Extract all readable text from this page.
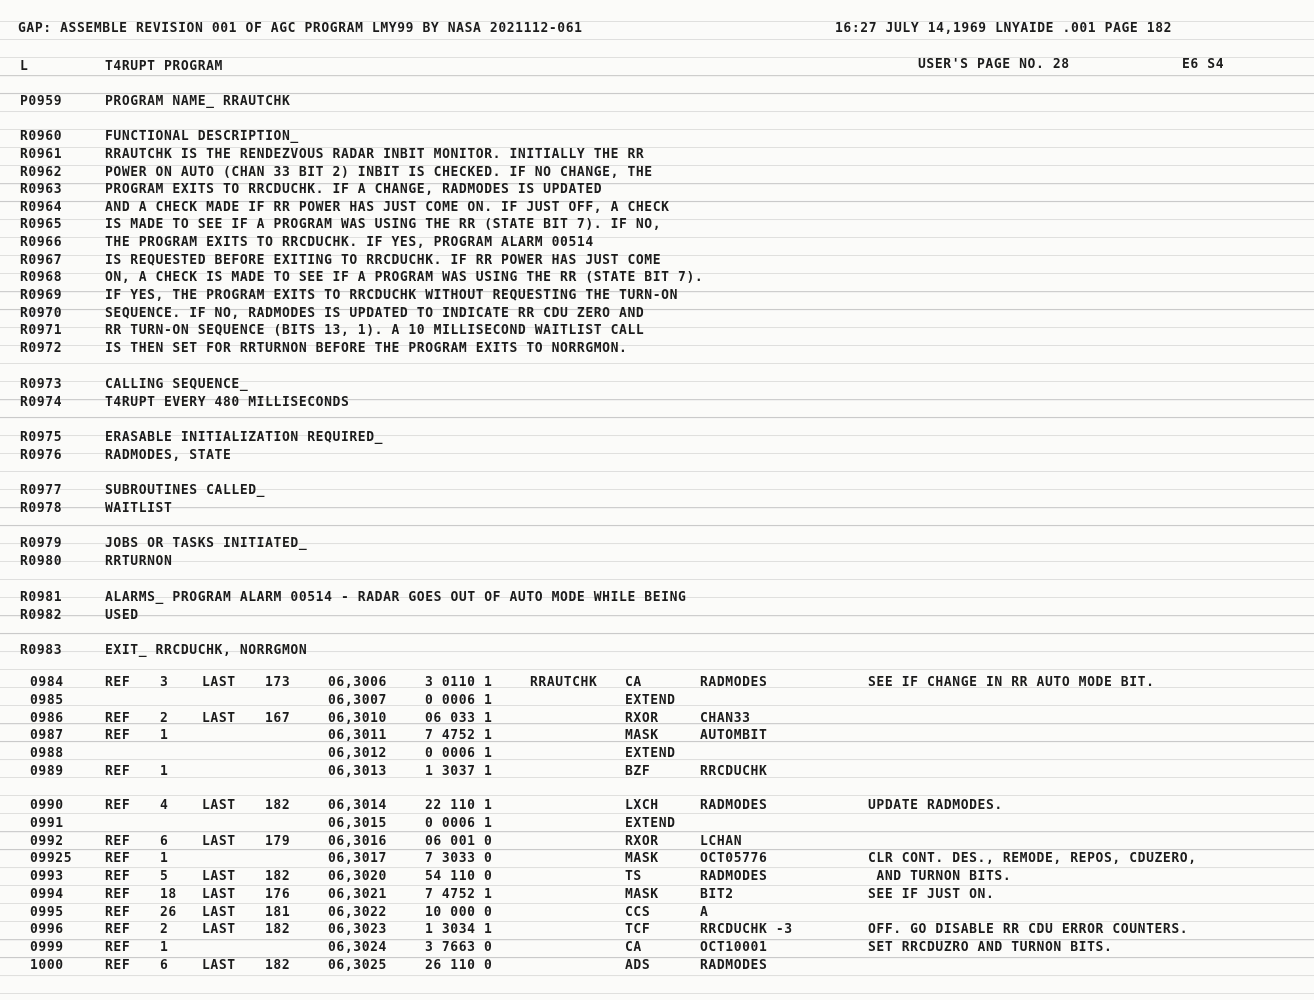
GAP: ASSEMBLE REVISION 001 OF AGC PROGRAM LMY99 BY NASA 2021112-061	16:27 JULY 14,1969 LNYAIDE .001 PAGE 182
L	T4RUPT PROGRAM	USER'S PAGE NO. 28	E6 S4
P0959	PROGRAM NAME_ RRAUTCHK
R0960	FUNCTIONAL DESCRIPTION_
R0961	RRAUTCHK IS THE RENDEZVOUS RADAR INBIT MONITOR. INITIALLY THE RR
R0962	POWER ON AUTO (CHAN 33 BIT 2) INBIT IS CHECKED. IF NO CHANGE, THE
R0963	PROGRAM EXITS TO RRCDUCHK. IF A CHANGE, RADMODES IS UPDATED
R0964	AND A CHECK MADE IF RR POWER HAS JUST COME ON. IF JUST OFF, A CHECK
R0965	IS MADE TO SEE IF A PROGRAM WAS USING THE RR (STATE BIT 7). IF NO,
R0966	THE PROGRAM EXITS TO RRCDUCHK. IF YES, PROGRAM ALARM 00514
R0967	IS REQUESTED BEFORE EXITING TO RRCDUCHK. IF RR POWER HAS JUST COME
R0968	ON, A CHECK IS MADE TO SEE IF A PROGRAM WAS USING THE RR (STATE BIT 7).
R0969	IF YES, THE PROGRAM EXITS TO RRCDUCHK WITHOUT REQUESTING THE TURN-ON
R0970	SEQUENCE. IF NO, RADMODES IS UPDATED TO INDICATE RR CDU ZERO AND
R0971	RR TURN-ON SEQUENCE (BITS 13, 1). A 10 MILLISECOND WAITLIST CALL
R0972	IS THEN SET FOR RRTURNON BEFORE THE PROGRAM EXITS TO NORRGMON.
R0973	CALLING SEQUENCE_
R0974	T4RUPT EVERY 480 MILLISECONDS
R0975	ERASABLE INITIALIZATION REQUIRED_
R0976	RADMODES, STATE
R0977	SUBROUTINES CALLED_
R0978	WAITLIST
R0979	JOBS OR TASKS INITIATED_
R0980	RRTURNON
R0981	ALARMS_ PROGRAM ALARM 00514 - RADAR GOES OUT OF AUTO MODE WHILE BEING
R0982	USED
R0983	EXIT_ RRCDUCHK, NORRGMON
0984	REF 3	LAST 173	06,3006	3 0110 1	RRAUTCHK CA	RADMODES	SEE IF CHANGE IN RR AUTO MODE BIT.
0985	06,3007	0 0006 1	EXTEND
0986	REF 2	LAST 167	06,3010	06 033 1	RXOR	CHAN33
0987	REF 1	06,3011	7 4752 1	MASK	AUTOMBIT
0988	06,3012	0 0006 1	EXTEND
0989	REF 1	06,3013	1 3037 1	BZF	RRCDUCHK
0990	REF 4	LAST 182	06,3014	22 110 1	LXCH	RADMODES	UPDATE RADMODES.
0991	06,3015	0 0006 1	EXTEND
0992	REF 6	LAST 179	06,3016	06 001 0	RXOR	LCHAN
09925	REF 1	06,3017	7 3033 0	MASK	OCT05776	CLR CONT. DES., REMODE, REPOS, CDUZERO,
0993	REF 5	LAST 182	06,3020	54 110 0	TS	RADMODES	AND TURNON BITS.
0994	REF 18 LAST 176	06,3021	7 4752 1	MASK	BIT2	SEE IF JUST ON.
0995	REF 26 LAST 181	06,3022	10 000 0	CCS	A
0996	REF 2	LAST 182	06,3023	1 3034 1	TCF	RRCDUCHK -3	OFF. GO DISABLE RR CDU ERROR COUNTERS.
0999	REF 1	06,3024	3 7663 0	CA	OCT10001	SET RRCDUZRO AND TURNON BITS.
1000	REF 6	LAST 182	06,3025	26 110 0	ADS	RADMODES
